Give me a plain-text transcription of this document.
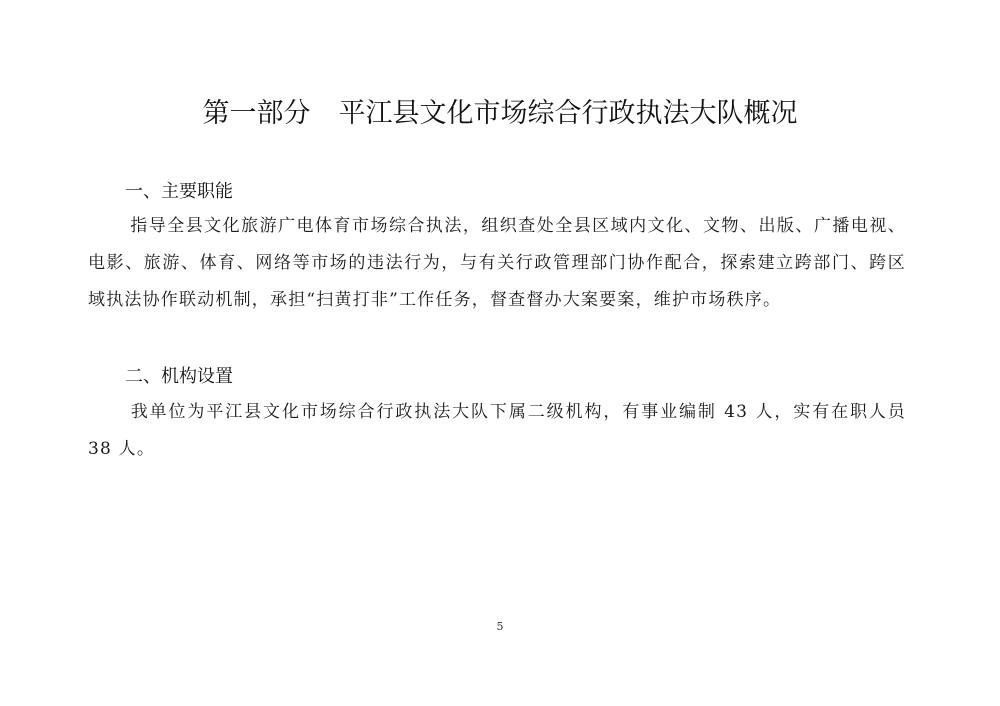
第一部分 平江县文化市场综合行政执法大队概况
一、主要职能
指导全县文化旅游广电体育市场综合执法，组织查处全县区域内文化、文物、出版、广播电视、 电影、旅游、体育、网络等市场的违法行为，与有关行政管理部门协作配合，探索建立跨部门、跨区域执法协作联动机制，承担“扫黄打非”工作任务，督查督办大案要案，维护市场秩序。
二、机构设置
我单位为平江县文化市场综合行政执法大队下属二级机构，有事业编制 43 人，实有在职人员 38 人。
5
